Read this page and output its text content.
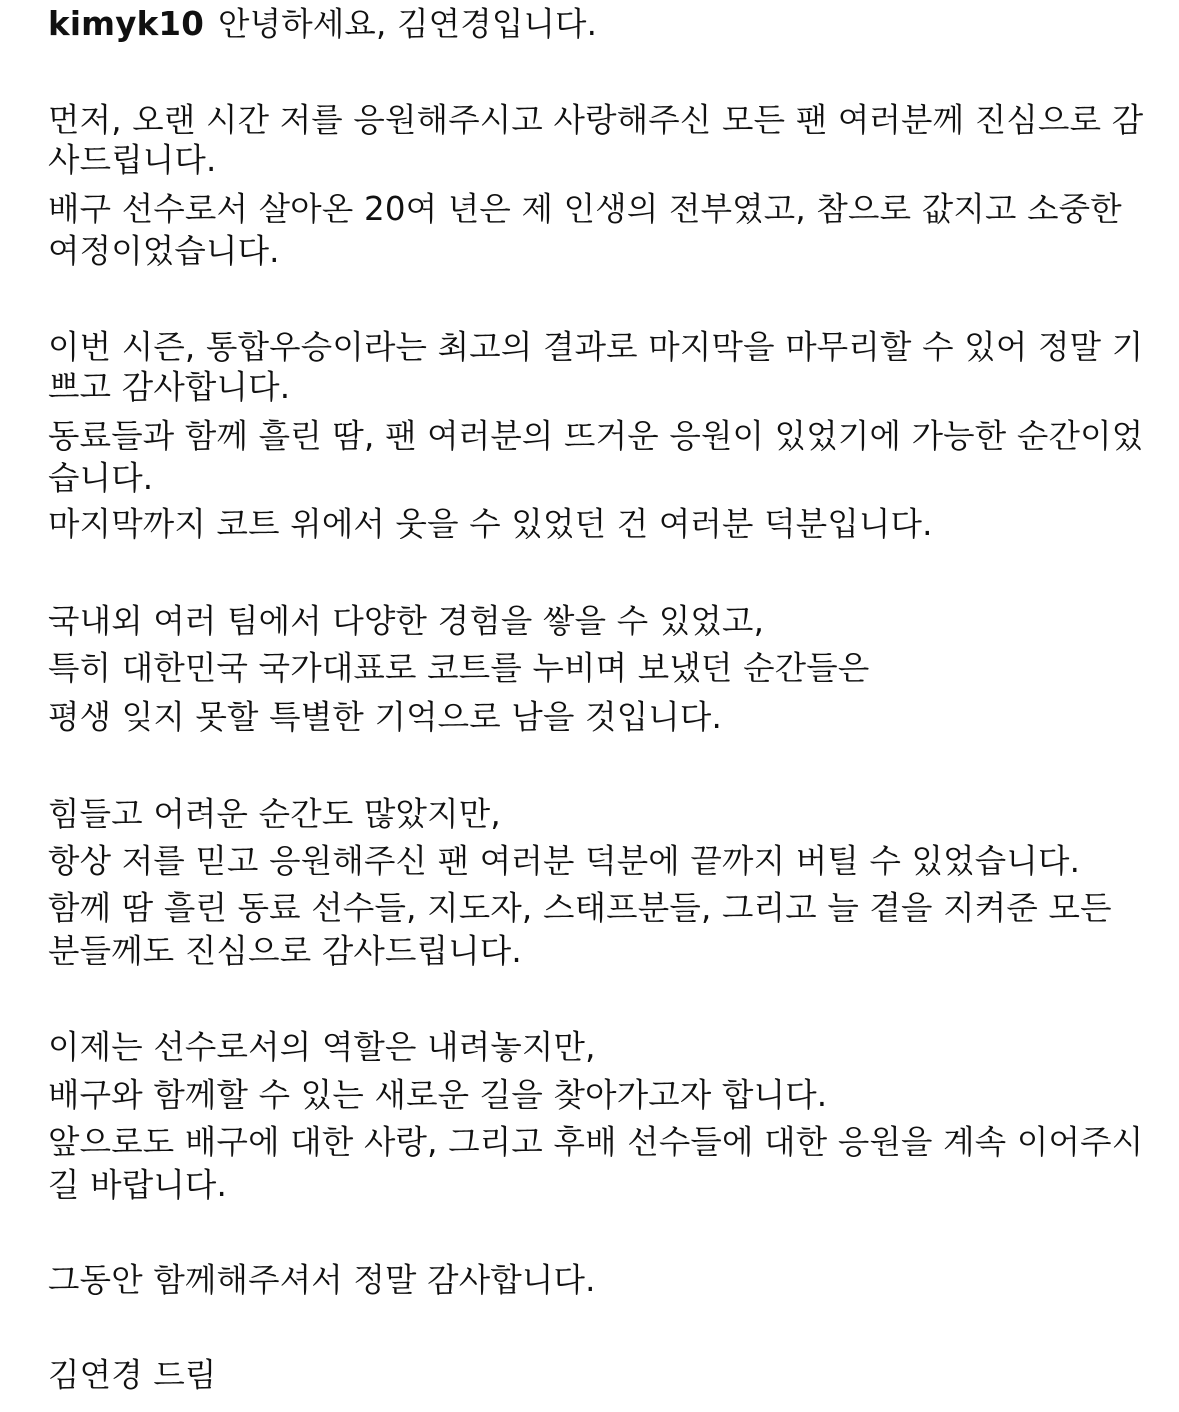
kimyk10 안녕하세요, 김연경입니다.
먼저, 오랜 시간 저를 응원해주시고 사랑해주신 모든 팬 여러분께 진심으로 감
사드립니다.
배구 선수로서 살아온 20여 년은 제 인생의 전부였고, 참으로 값지고 소중한
여정이었습니다.
이번 시즌, 통합우승이라는 최고의 결과로 마지막을 마무리할 수 있어 정말 기
쁘고 감사합니다.
동료들과 함께 흘린 땀, 팬 여러분의 뜨거운 응원이 있었기에 가능한 순간이었
습니다.
마지막까지 코트 위에서 웃을 수 있었던 건 여러분 덕분입니다.
국내외 여러 팀에서 다양한 경험을 쌓을 수 있었고,
특히 대한민국 국가대표로 코트를 누비며 보냈던 순간들은
평생 잊지 못할 특별한 기억으로 남을 것입니다.
힘들고 어려운 순간도 많았지만,
항상 저를 믿고 응원해주신 팬 여러분 덕분에 끝까지 버틸 수 있었습니다.
함께 땀 흘린 동료 선수들, 지도자, 스태프분들, 그리고 늘 곁을 지켜준 모든
분들께도 진심으로 감사드립니다.
이제는 선수로서의 역할은 내려놓지만,
배구와 함께할 수 있는 새로운 길을 찾아가고자 합니다.
앞으로도 배구에 대한 사랑, 그리고 후배 선수들에 대한 응원을 계속 이어주시
길 바랍니다.
그동안 함께해주셔서 정말 감사합니다.
김연경 드림
